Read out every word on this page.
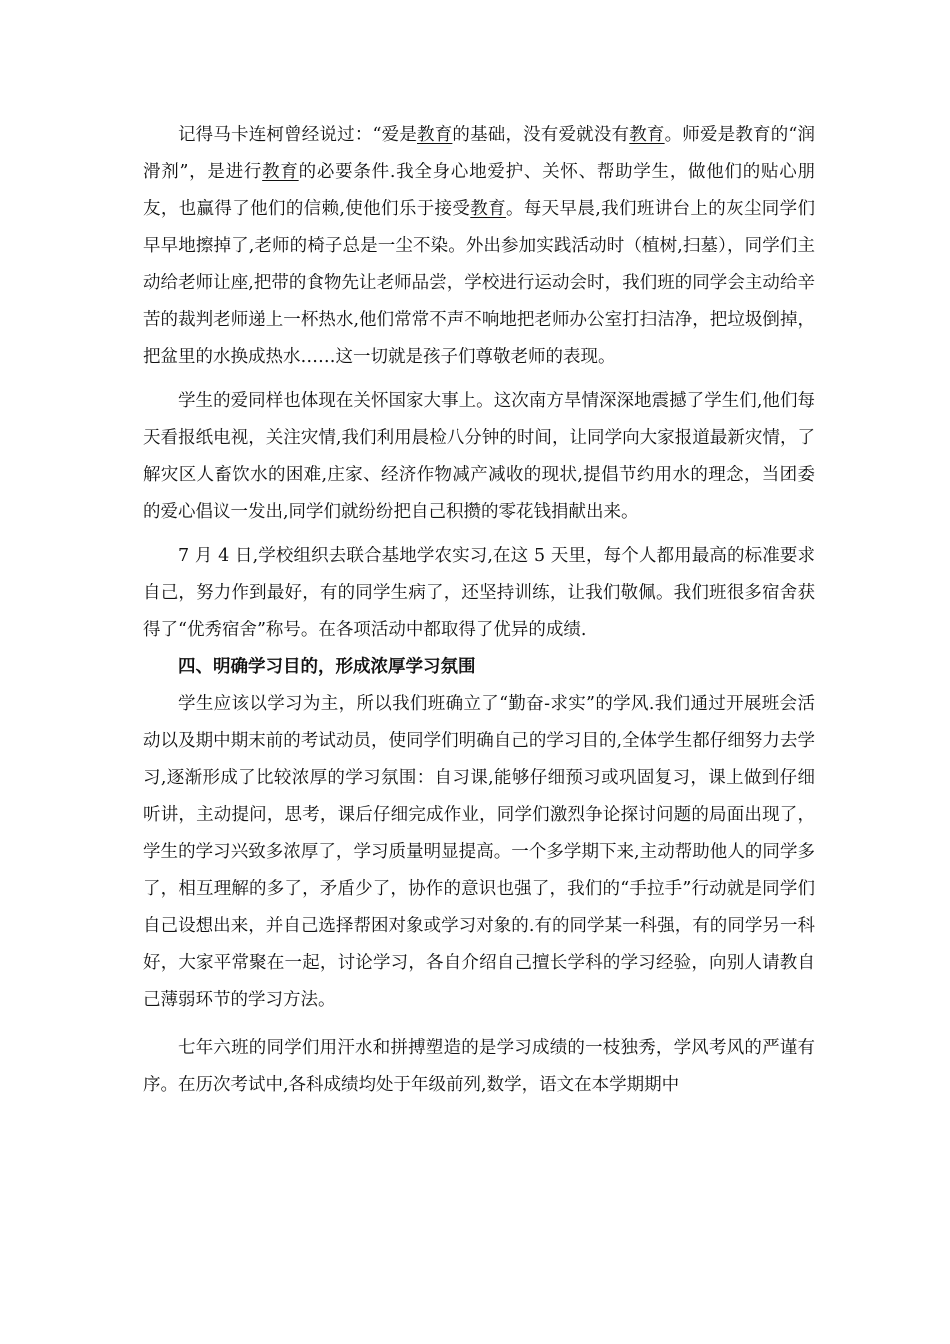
记得马卡连柯曾经说过：“爱是教育的基础，没有爱就没有教育。师爱是教育的“润滑剂”，是进行教育的必要条件.我全身心地爱护、关怀、帮助学生，做他们的贴心朋友，也赢得了他们的信赖,使他们乐于接受教育。每天早晨,我们班讲台上的灰尘同学们早早地擦掉了,老师的椅子总是一尘不染。外出参加实践活动时（植树,扫墓），同学们主动给老师让座,把带的食物先让老师品尝，学校进行运动会时，我们班的同学会主动给辛苦的裁判老师递上一杯热水,他们常常不声不响地把老师办公室打扫洁净，把垃圾倒掉，把盆里的水换成热水……这一切就是孩子们尊敬老师的表现。

学生的爱同样也体现在关怀国家大事上。这次南方旱情深深地震撼了学生们,他们每天看报纸电视，关注灾情,我们利用晨检八分钟的时间，让同学向大家报道最新灾情，了解灾区人畜饮水的困难,庄家、经济作物减产减收的现状,提倡节约用水的理念，当团委的爱心倡议一发出,同学们就纷纷把自己积攒的零花钱捐献出来。

7 月 4 日,学校组织去联合基地学农实习,在这 5 天里，每个人都用最高的标准要求自己，努力作到最好，有的同学生病了，还坚持训练，让我们敬佩。我们班很多宿舍获得了“优秀宿舍”称号。在各项活动中都取得了优异的成绩.

四、明确学习目的，形成浓厚学习氛围

学生应该以学习为主，所以我们班确立了“勤奋-求实”的学风.我们通过开展班会活动以及期中期末前的考试动员，使同学们明确自己的学习目的,全体学生都仔细努力去学习,逐渐形成了比较浓厚的学习氛围：自习课,能够仔细预习或巩固复习，课上做到仔细听讲，主动提问，思考，课后仔细完成作业，同学们激烈争论探讨问题的局面出现了，学生的学习兴致多浓厚了，学习质量明显提高。一个多学期下来,主动帮助他人的同学多了，相互理解的多了，矛盾少了，协作的意识也强了，我们的“手拉手”行动就是同学们自己设想出来，并自己选择帮困对象或学习对象的.有的同学某一科强，有的同学另一科好，大家平常聚在一起，讨论学习，各自介绍自己擅长学科的学习经验，向别人请教自己薄弱环节的学习方法。

七年六班的同学们用汗水和拼搏塑造的是学习成绩的一枝独秀，学风考风的严谨有序。在历次考试中,各科成绩均处于年级前列,数学，语文在本学期期中
